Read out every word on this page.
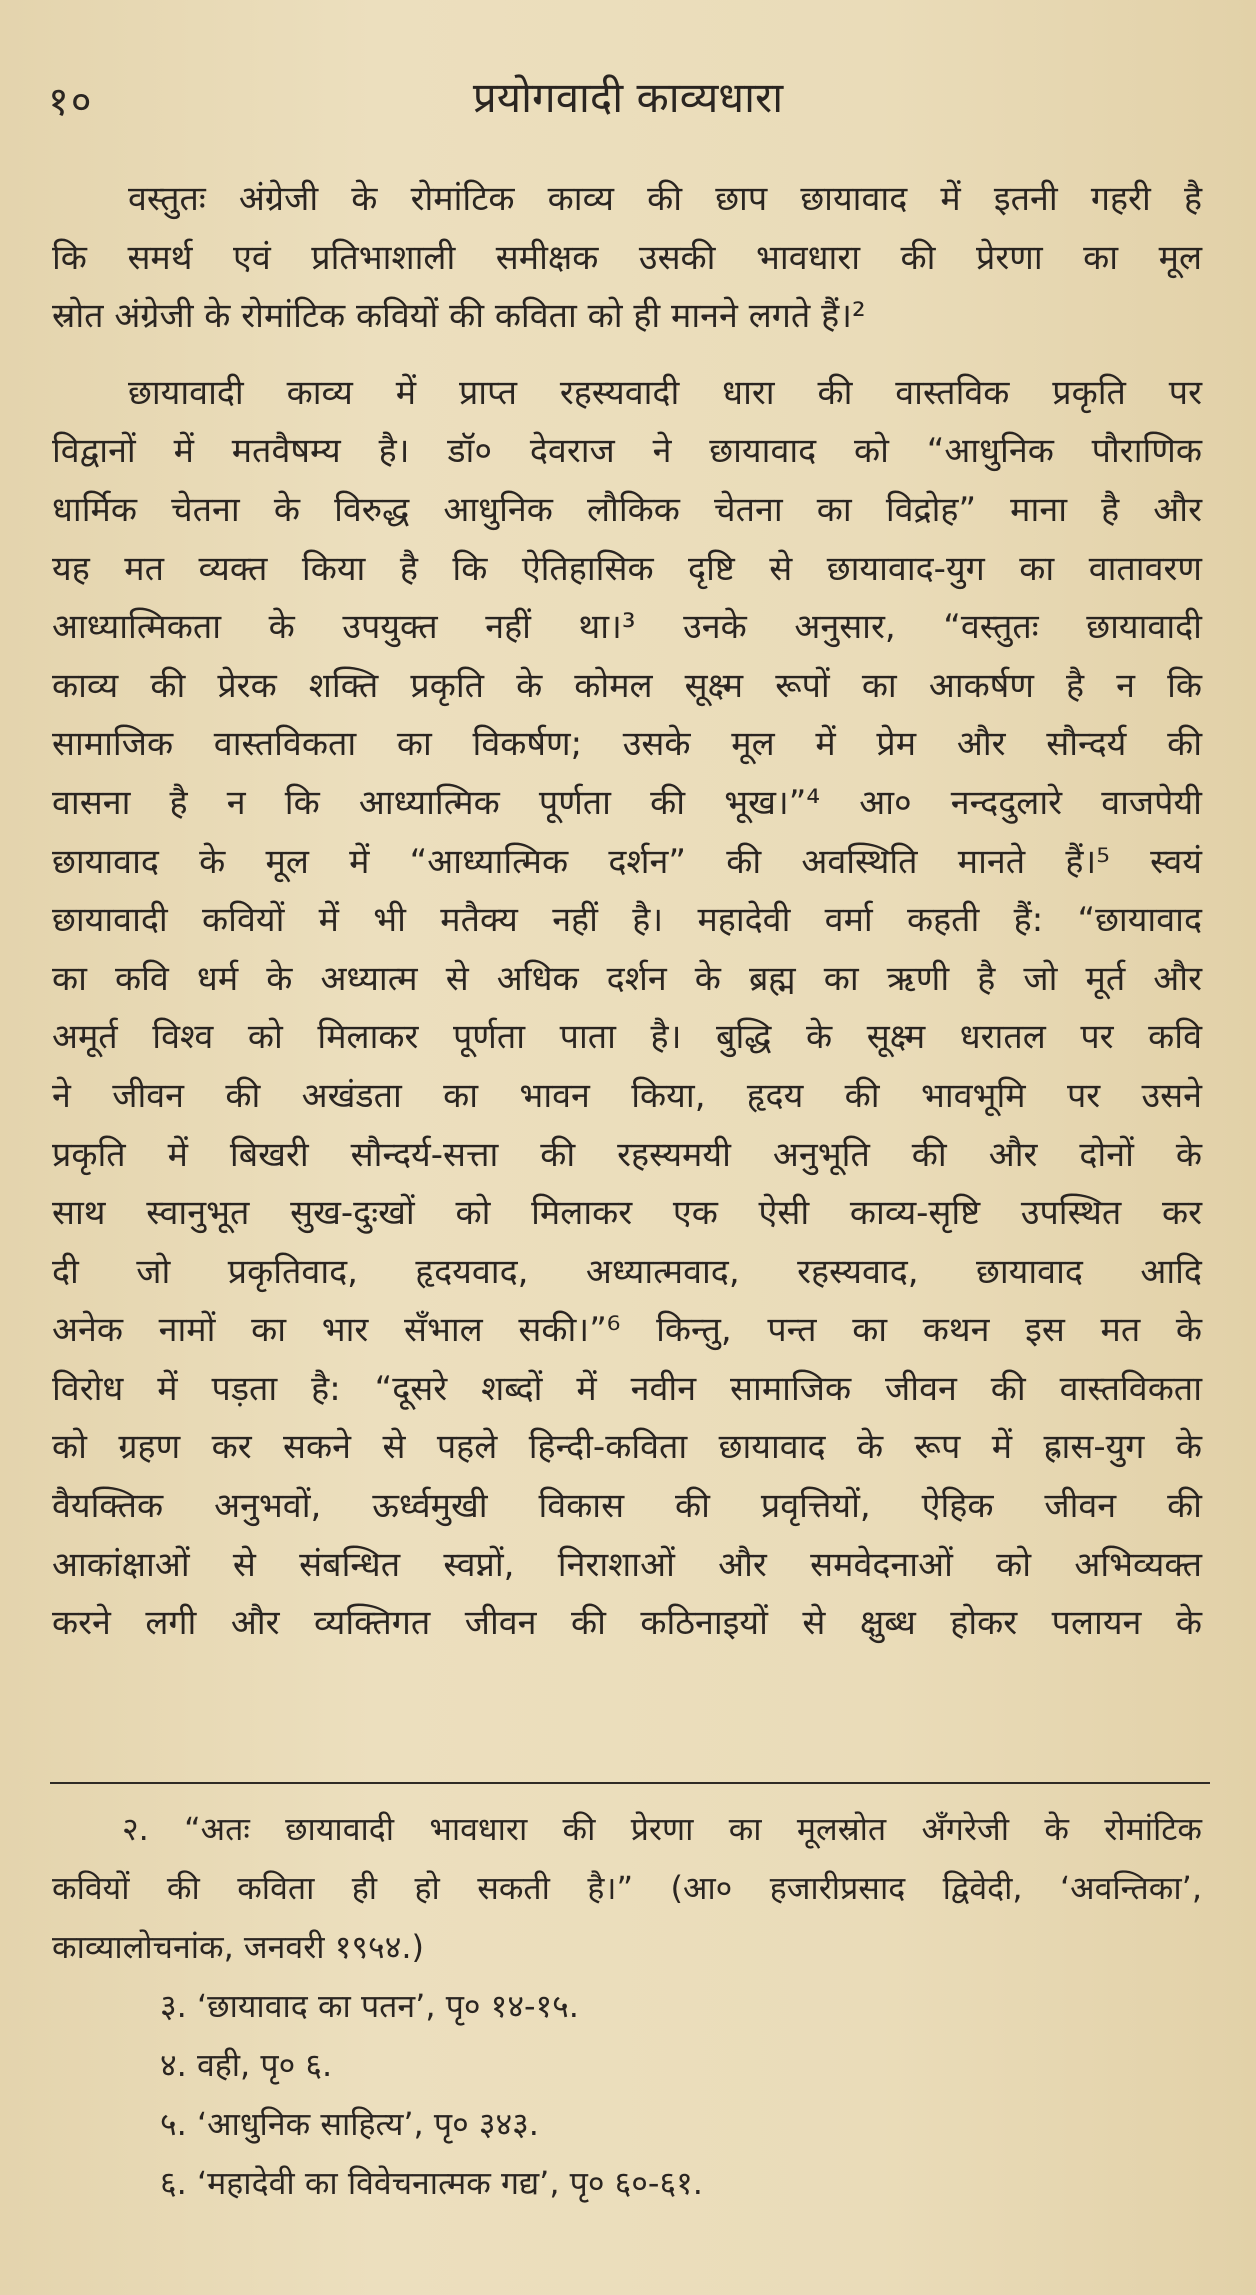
१०	प्रयोगवादी काव्यधारा
वस्तुतः अंग्रेजी के रोमांटिक काव्य की छाप छायावाद में इतनी गहरी है
कि समर्थ एवं प्रतिभाशाली समीक्षक उसकी भावधारा की प्रेरणा का मूल
स्रोत अंग्रेजी के रोमांटिक कवियों की कविता को ही मानने लगते हैं।²
छायावादी काव्य में प्राप्त रहस्यवादी धारा की वास्तविक प्रकृति पर
विद्वानों में मतवैषम्य है। डॉ० देवराज ने छायावाद को “आधुनिक पौराणिक
धार्मिक चेतना के विरुद्ध आधुनिक लौकिक चेतना का विद्रोह” माना है और
यह मत व्यक्त किया है कि ऐतिहासिक दृष्टि से छायावाद-युग का वातावरण
आध्यात्मिकता के उपयुक्त नहीं था।³ उनके अनुसार, “वस्तुतः छायावादी
काव्य की प्रेरक शक्ति प्रकृति के कोमल सूक्ष्म रूपों का आकर्षण है न कि
सामाजिक वास्तविकता का विकर्षण; उसके मूल में प्रेम और सौन्दर्य की
वासना है न कि आध्यात्मिक पूर्णता की भूख।”⁴ आ० नन्ददुलारे वाजपेयी
छायावाद के मूल में “आध्यात्मिक दर्शन” की अवस्थिति मानते हैं।⁵ स्वयं
छायावादी कवियों में भी मतैक्य नहीं है। महादेवी वर्मा कहती हैं: “छायावाद
का कवि धर्म के अध्यात्म से अधिक दर्शन के ब्रह्म का ऋणी है जो मूर्त और
अमूर्त विश्व को मिलाकर पूर्णता पाता है। बुद्धि के सूक्ष्म धरातल पर कवि
ने जीवन की अखंडता का भावन किया, हृदय की भावभूमि पर उसने
प्रकृति में बिखरी सौन्दर्य-सत्ता की रहस्यमयी अनुभूति की और दोनों के
साथ स्वानुभूत सुख-दुःखों को मिलाकर एक ऐसी काव्य-सृष्टि उपस्थित कर
दी जो प्रकृतिवाद, हृदयवाद, अध्यात्मवाद, रहस्यवाद, छायावाद आदि
अनेक नामों का भार सँभाल सकी।”⁶ किन्तु, पन्त का कथन इस मत के
विरोध में पड़ता है: “दूसरे शब्दों में नवीन सामाजिक जीवन की वास्तविकता
को ग्रहण कर सकने से पहले हिन्दी-कविता छायावाद के रूप में ह्रास-युग के
वैयक्तिक अनुभवों, ऊर्ध्वमुखी विकास की प्रवृत्तियों, ऐहिक जीवन की
आकांक्षाओं से संबन्धित स्वप्नों, निराशाओं और समवेदनाओं को अभिव्यक्त
करने लगी और व्यक्तिगत जीवन की कठिनाइयों से क्षुब्ध होकर पलायन के
२. “अतः छायावादी भावधारा की प्रेरणा का मूलस्रोत अँगरेजी के रोमांटिक
कवियों की कविता ही हो सकती है।” (आ० हजारीप्रसाद द्विवेदी, ‘अवन्तिका’,
काव्यालोचनांक, जनवरी १९५४.)
३. ‘छायावाद का पतन’, पृ० १४-१५.
४. वही, पृ० ६.
५. ‘आधुनिक साहित्य’, पृ० ३४३.
६. ‘महादेवी का विवेचनात्मक गद्य’, पृ० ६०-६१.
